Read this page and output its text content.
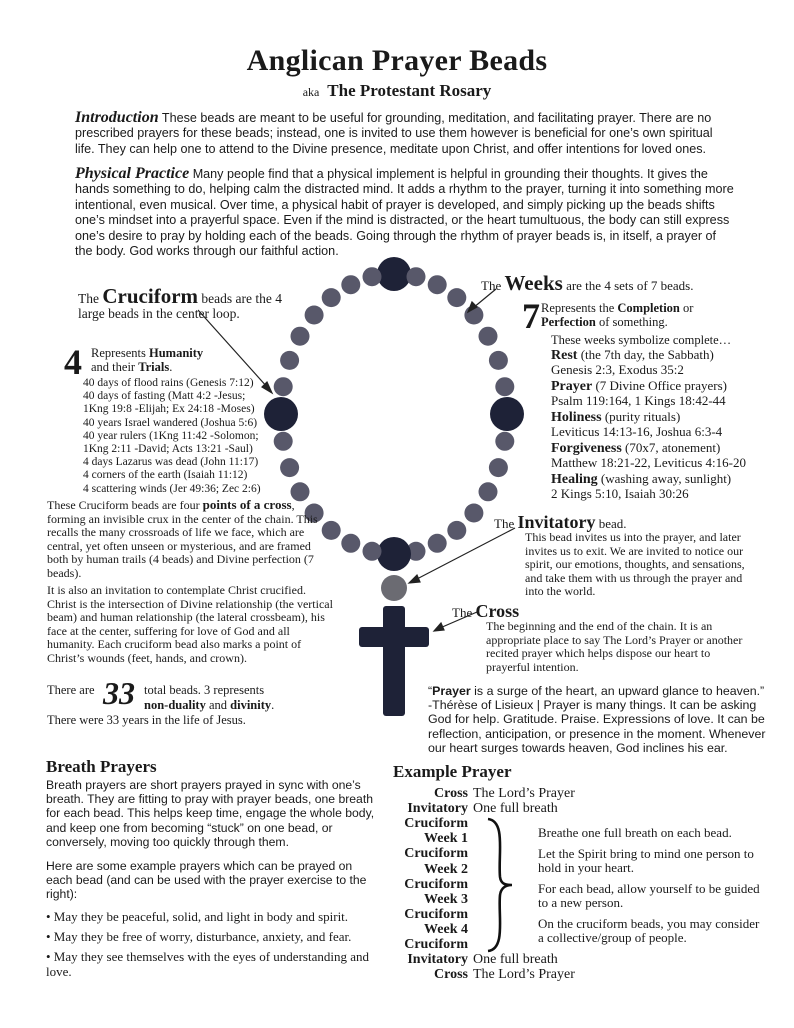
Anglican Prayer Beads
aka The Protestant Rosary
Introduction These beads are meant to be useful for grounding, meditation, and facilitating prayer. There are no prescribed prayers for these beads; instead, one is invited to use them however is beneficial for one’s own spiritual life. They can help one to attend to the Divine presence, meditate upon Christ, and offer intentions for loved ones.
Physical Practice Many people find that a physical implement is helpful in grounding their thoughts. It gives the hands something to do, helping calm the distracted mind. It adds a rhythm to the prayer, turning it into something more intentional, even musical. Over time, a physical habit of prayer is developed, and simply picking up the beads shifts one’s mindset into a prayerful space. Even if the mind is distracted, or the heart tumultuous, the body can still express one’s desire to pray by holding each of the beads. Going through the rhythm of prayer beads is, in itself, a prayer of the body. God works through our faithful action.
The Cruciform beads are the 4 large beads in the center loop.
4 Represents Humanity
and their Trials.
40 days of flood rains (Genesis 7:12)
40 days of fasting (Matt 4:2 -Jesus;
1Kng 19:8 -Elijah; Ex 24:18 -Moses)
40 years Israel wandered (Joshua 5:6)
40 year rulers (1Kng 11:42 -Solomon;
1Kng 2:11 -David; Acts 13:21 -Saul)
4 days Lazarus was dead (John 11:17)
4 corners of the earth (Isaiah 11:12)
4 scattering winds (Jer 49:36; Zec 2:6)
These Cruciform beads are four points of a cross, forming an invisible crux in the center of the chain. This recalls the many crossroads of life we face, which are central, yet often unseen or mysterious, and are framed both by human trails (4 beads) and Divine perfection (7 beads).
It is also an invitation to contemplate Christ crucified. Christ is the intersection of Divine relationship (the vertical beam) and human relationship (the lateral crossbeam), his face at the center, suffering for love of God and all humanity. Each cruciform bead also marks a point of Christ’s wounds (feet, hands, and crown).
There are 33 total beads. 3 represents
non-duality and divinity.
There were 33 years in the life of Jesus.
The Weeks are the 4 sets of 7 beads.
7 Represents the Completion or
Perfection of something.
These weeks symbolize complete…
Rest (the 7th day, the Sabbath)
Genesis 2:3, Exodus 35:2
Prayer (7 Divine Office prayers)
Psalm 119:164, 1 Kings 18:42-44
Holiness (purity rituals)
Leviticus 14:13-16, Joshua 6:3-4
Forgiveness (70x7, atonement)
Matthew 18:21-22, Leviticus 4:16-20
Healing (washing away, sunlight)
2 Kings 5:10, Isaiah 30:26
The Invitatory bead.
This bead invites us into the prayer, and later invites us to exit. We are invited to notice our spirit, our emotions, thoughts, and sensations, and take them with us through the prayer and into the world.
The Cross
The beginning and the end of the chain. It is an appropriate place to say The Lord’s Prayer or another recited prayer which helps dispose our heart to prayerful intention.
“Prayer is a surge of the heart, an upward glance to heaven.”
-Thérèse of Lisieux | Prayer is many things. It can be asking God for help. Gratitude. Praise. Expressions of love. It can be reflection, anticipation, or presence in the moment. Whenever our heart surges towards heaven, God inclines his ear.
Breath Prayers
Breath prayers are short prayers prayed in sync with one’s breath. They are fitting to pray with prayer beads, one breath for each bead. This helps keep time, engage the whole body, and keep one from becoming “stuck” on one bead, or conversely, moving too quickly through them.
Here are some example prayers which can be prayed on each bead (and can be used with the prayer exercise to the right):
• May they be peaceful, solid, and light in body and spirit.
• May they be free of worry, disturbance, anxiety, and fear.
• May they see themselves with the eyes of understanding and love.
Example Prayer
Cross The Lord’s Prayer
Invitatory One full breath
Cruciform
Week 1
Cruciform
Week 2
Cruciform
Week 3
Cruciform
Week 4
Cruciform
Invitatory One full breath
Cross The Lord’s Prayer
Breathe one full breath on each bead.
Let the Spirit bring to mind one person to hold in your heart.
For each bead, allow yourself to be guided to a new person.
On the cruciform beads, you may consider a collective/group of people.
